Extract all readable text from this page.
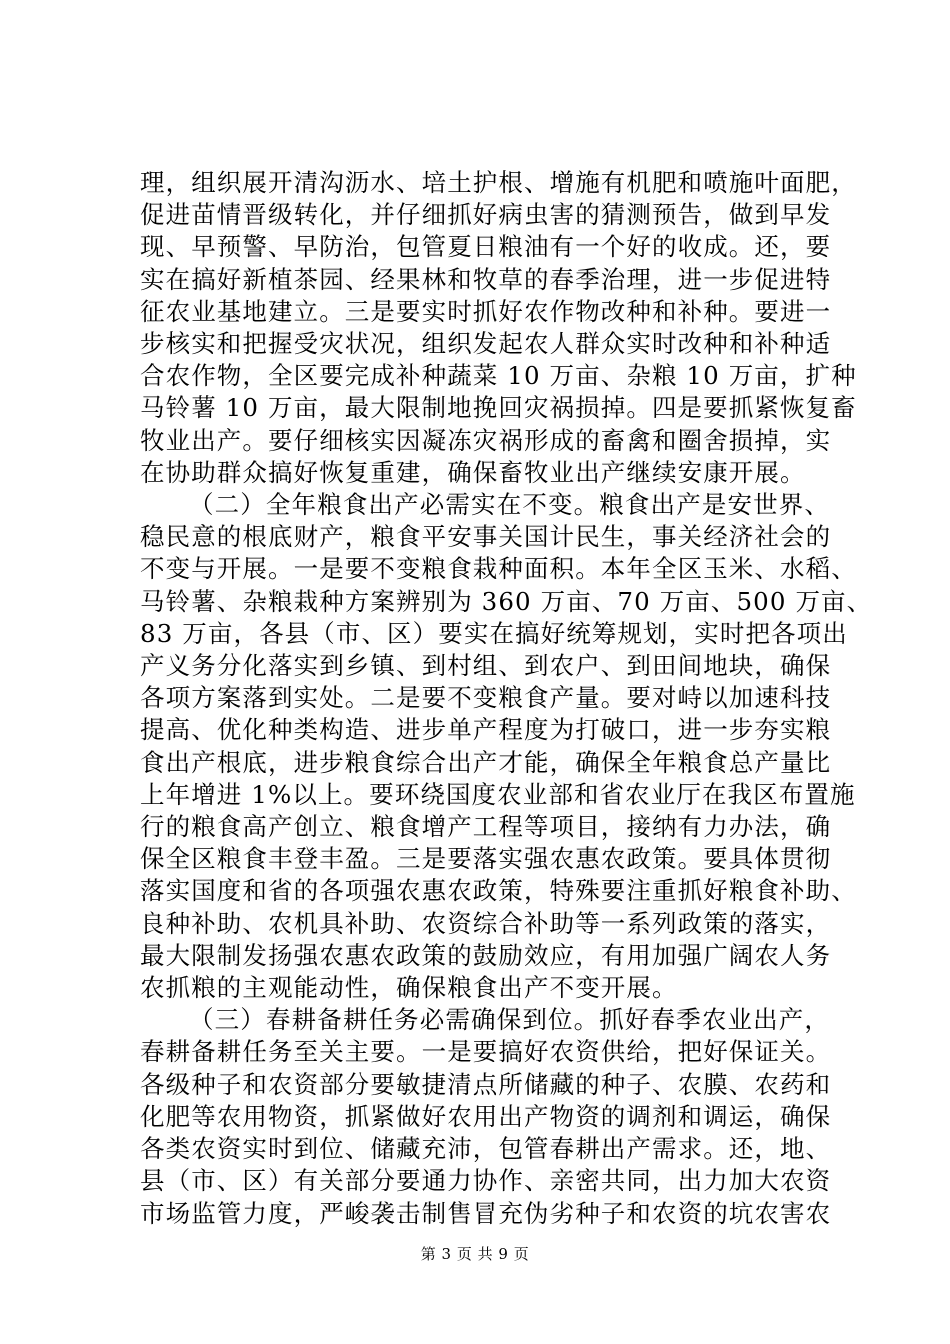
理，组织展开清沟沥水、培土护根、增施有机肥和喷施叶面肥，
促进苗情晋级转化，并仔细抓好病虫害的猜测预告，做到早发
现、早预警、早防治，包管夏日粮油有一个好的收成。还，要
实在搞好新植茶园、经果林和牧草的春季治理，进一步促进特
征农业基地建立。三是要实时抓好农作物改种和补种。要进一
步核实和把握受灾状况，组织发起农人群众实时改种和补种适
合农作物，全区要完成补种蔬菜 10 万亩、杂粮 10 万亩，扩种
马铃薯 10 万亩，最大限制地挽回灾祸损掉。四是要抓紧恢复畜
牧业出产。要仔细核实因凝冻灾祸形成的畜禽和圈舍损掉，实
在协助群众搞好恢复重建，确保畜牧业出产继续安康开展。

（二）全年粮食出产必需实在不变。粮食出产是安世界、
稳民意的根底财产，粮食平安事关国计民生，事关经济社会的
不变与开展。一是要不变粮食栽种面积。本年全区玉米、水稻、
马铃薯、杂粮栽种方案辨别为 360 万亩、70 万亩、500 万亩、
83 万亩，各县（市、区）要实在搞好统筹规划，实时把各项出
产义务分化落实到乡镇、到村组、到农户、到田间地块，确保
各项方案落到实处。二是要不变粮食产量。要对峙以加速科技
提高、优化种类构造、进步单产程度为打破口，进一步夯实粮
食出产根底，进步粮食综合出产才能，确保全年粮食总产量比
上年增进 1%以上。要环绕国度农业部和省农业厅在我区布置施
行的粮食高产创立、粮食增产工程等项目，接纳有力办法，确
保全区粮食丰登丰盈。三是要落实强农惠农政策。要具体贯彻
落实国度和省的各项强农惠农政策，特殊要注重抓好粮食补助、
良种补助、农机具补助、农资综合补助等一系列政策的落实，
最大限制发扬强农惠农政策的鼓励效应，有用加强广阔农人务
农抓粮的主观能动性，确保粮食出产不变开展。

（三）春耕备耕任务必需确保到位。抓好春季农业出产，
春耕备耕任务至关主要。一是要搞好农资供给，把好保证关。
各级种子和农资部分要敏捷清点所储藏的种子、农膜、农药和
化肥等农用物资，抓紧做好农用出产物资的调剂和调运，确保
各类农资实时到位、储藏充沛，包管春耕出产需求。还，地、
县（市、区）有关部分要通力协作、亲密共同，出力加大农资
市场监管力度，严峻袭击制售冒充伪劣种子和农资的坑农害农

第 3 页 共 9 页
